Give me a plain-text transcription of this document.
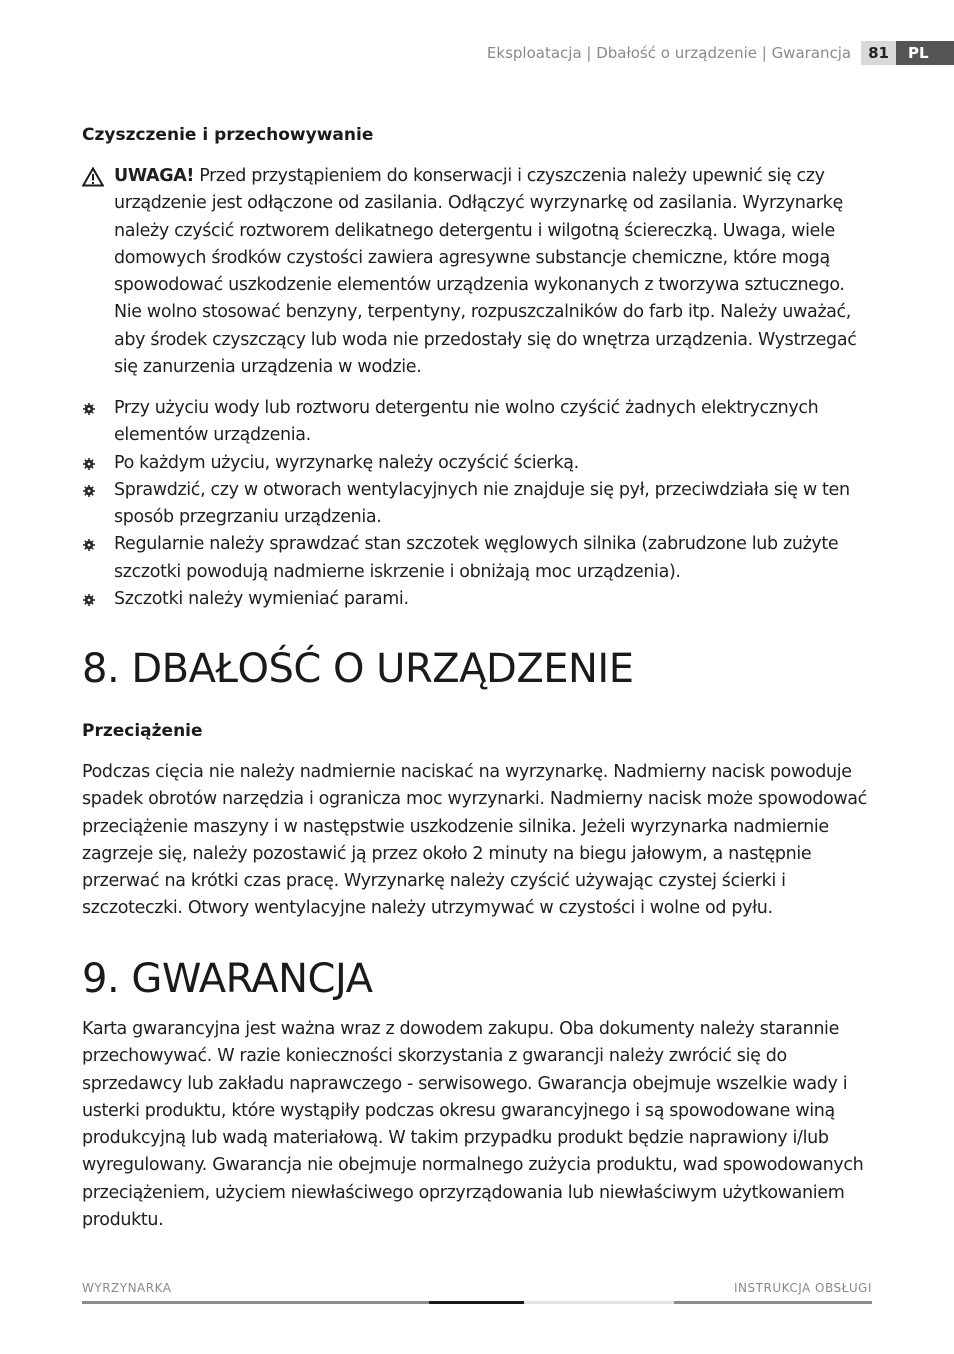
Eksploatacja | Dbałość o urządzenie | Gwarancja	81	PL
Czyszczenie i przechowywanie
UWAGA! Przed przystąpieniem do konserwacji i czyszczenia należy upewnić się czy urządzenie jest odłączone od zasilania. Odłączyć wyrzynarkę od zasilania. Wyrzynarkę należy czyścić roztworem delikatnego detergentu i wilgotną ściereczką. Uwaga, wiele domowych środków czystości zawiera agresywne substancje chemiczne, które mogą spowodować uszkodzenie elementów urządzenia wykonanych z tworzywa sztucznego. Nie wolno stosować benzyny, terpentyny, rozpuszczalników do farb itp. Należy uważać, aby środek czyszczący lub woda nie przedostały się do wnętrza urządzenia. Wystrzegać się zanurzenia urządzenia w wodzie.
Przy użyciu wody lub roztworu detergentu nie wolno czyścić żadnych elektrycznych elementów urządzenia.
Po każdym użyciu, wyrzynarkę należy oczyścić ścierką.
Sprawdzić, czy w otworach wentylacyjnych nie znajduje się pył, przeciwdziała się w ten sposób przegrzaniu urządzenia.
Regularnie należy sprawdzać stan szczotek węglowych silnika (zabrudzone lub zużyte szczotki powodują nadmierne iskrzenie i obniżają moc urządzenia).
Szczotki należy wymieniać parami.
8. DBAŁOŚĆ O URZĄDZENIE
Przeciążenie

Podczas cięcia nie należy nadmiernie naciskać na wyrzynarkę. Nadmierny nacisk powoduje spadek obrotów narzędzia i ogranicza moc wyrzynarki. Nadmierny nacisk może spowodować przeciążenie maszyny i w następstwie uszkodzenie silnika. Jeżeli wyrzynarka nadmiernie zagrzeje się, należy pozostawić ją przez około 2 minuty na biegu jałowym, a następnie przerwać na krótki czas pracę. Wyrzynarkę należy czyścić używając czystej ścierki i szczoteczki. Otwory wentylacyjne należy utrzymywać w czystości i wolne od pyłu.

9. GWARANCJA

Karta gwarancyjna jest ważna wraz z dowodem zakupu. Oba dokumenty należy starannie przechowywać. W razie konieczności skorzystania z gwarancji należy zwrócić się do sprzedawcy lub zakładu naprawczego - serwisowego. Gwarancja obejmuje wszelkie wady i usterki produktu, które wystąpiły podczas okresu gwarancyjnego i są spowodowane winą produkcyjną lub wadą materiałową. W takim przypadku produkt będzie naprawiony i/lub wyregulowany. Gwarancja nie obejmuje normalnego zużycia produktu, wad spowodowanych przeciążeniem, użyciem niewłaściwego oprzyrządowania lub niewłaściwym użytkowaniem produktu.

WYRZYNARKA	INSTRUKCJA OBSŁUGI
